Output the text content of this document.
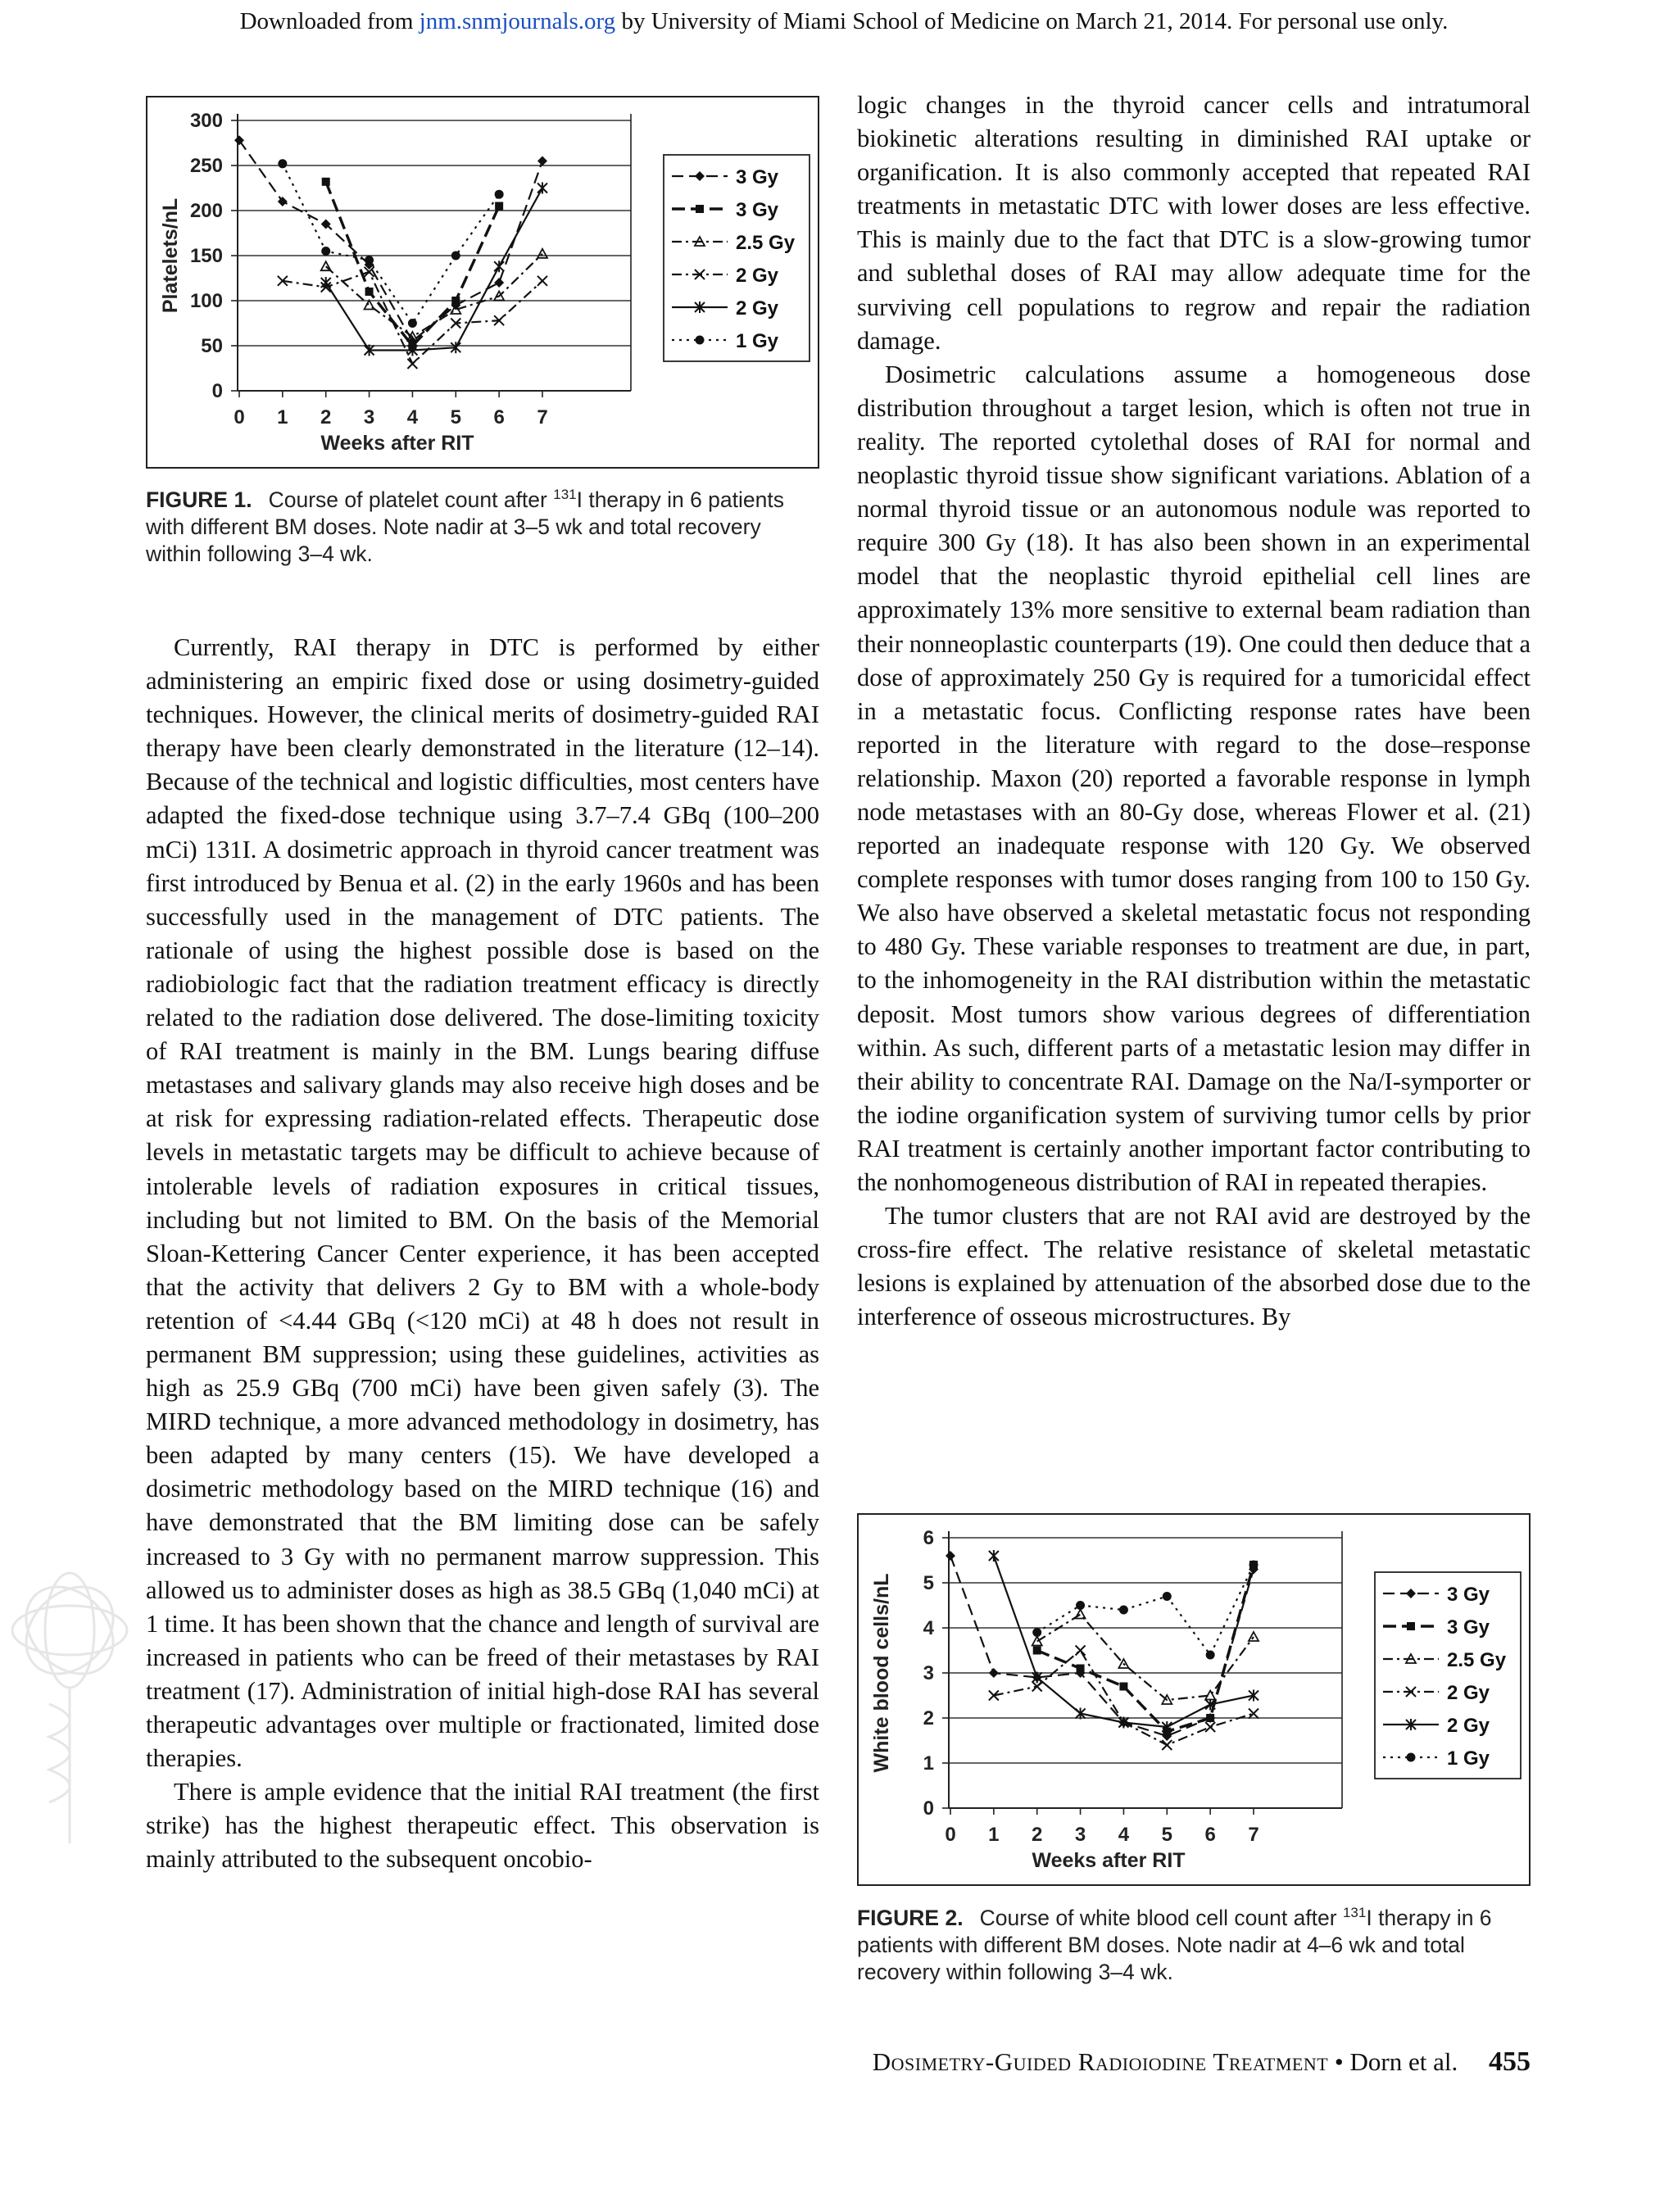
Downloaded from jnm.snmjournals.org by University of Miami School of Medicine on March 21, 2014. For personal use only.
0
50
100
150
200
250
300
0 1 2 3 4 5 6 7
Weeks after RIT
Platelets/nL
3 Gy
3 Gy
2.5 Gy
2 Gy
2 Gy
1 Gy
FIGURE 1. Course of platelet count after $^{131}$I therapy in 6 patients with different BM doses. Note nadir at 3–5 wk and total recovery within following 3–4 wk.

Currently, RAI therapy in DTC is performed by either administering an empiric fixed dose or using dosimetry-guided techniques. However, the clinical merits of dosimetry-guided RAI therapy have been clearly demonstrated in the literature (12–14). Because of the technical and logistic difficulties, most centers have adapted the fixed-dose technique using 3.7–7.4 GBq (100–200 mCi) 131I. A dosimetric approach in thyroid cancer treatment was first introduced by Benua et al. (2) in the early 1960s and has been successfully used in the management of DTC patients. The rationale of using the highest possible dose is based on the radiobiologic fact that the radiation treatment efficacy is directly related to the radiation dose delivered. The dose-limiting toxicity of RAI treatment is mainly in the BM. Lungs bearing diffuse metastases and salivary glands may also receive high doses and be at risk for expressing radiation-related effects. Therapeutic dose levels in metastatic targets may be difficult to achieve because of intolerable levels of radiation exposures in critical tissues, including but not limited to BM. On the basis of the Memorial Sloan-Kettering Cancer Center experience, it has been accepted that the activity that delivers 2 Gy to BM with a whole-body retention of <4.44 GBq (<120 mCi) at 48 h does not result in permanent BM suppression; using these guidelines, activities as high as 25.9 GBq (700 mCi) have been given safely (3). The MIRD technique, a more advanced methodology in dosimetry, has been adapted by many centers (15). We have developed a dosimetric methodology based on the MIRD technique (16) and have demonstrated that the BM limiting dose can be safely increased to 3 Gy with no permanent marrow suppression. This allowed us to administer doses as high as 38.5 GBq (1,040 mCi) at 1 time. It has been shown that the chance and length of survival are increased in patients who can be freed of their metastases by RAI treatment (17). Administration of initial high-dose RAI has several therapeutic advantages over multiple or fractionated, limited dose therapies.

There is ample evidence that the initial RAI treatment (the first strike) has the highest therapeutic effect. This observation is mainly attributed to the subsequent oncobio-

logic changes in the thyroid cancer cells and intratumoral biokinetic alterations resulting in diminished RAI uptake or organification. It is also commonly accepted that repeated RAI treatments in metastatic DTC with lower doses are less effective. This is mainly due to the fact that DTC is a slow-growing tumor and sublethal doses of RAI may allow adequate time for the surviving cell populations to regrow and repair the radiation damage.

Dosimetric calculations assume a homogeneous dose distribution throughout a target lesion, which is often not true in reality. The reported cytolethal doses of RAI for normal and neoplastic thyroid tissue show significant variations. Ablation of a normal thyroid tissue or an autonomous nodule was reported to require 300 Gy (18). It has also been shown in an experimental model that the neoplastic thyroid epithelial cell lines are approximately 13% more sensitive to external beam radiation than their nonneoplastic counterparts (19). One could then deduce that a dose of approximately 250 Gy is required for a tumoricidal effect in a metastatic focus. Conflicting response rates have been reported in the literature with regard to the dose–response relationship. Maxon (20) reported a favorable response in lymph node metastases with an 80-Gy dose, whereas Flower et al. (21) reported an inadequate response with 120 Gy. We observed complete responses with tumor doses ranging from 100 to 150 Gy. We also have observed a skeletal metastatic focus not responding to 480 Gy. These variable responses to treatment are due, in part, to the inhomogeneity in the RAI distribution within the metastatic deposit. Most tumors show various degrees of differentiation within. As such, different parts of a metastatic lesion may differ in their ability to concentrate RAI. Damage on the Na/I-symporter or the iodine organification system of surviving tumor cells by prior RAI treatment is certainly another important factor contributing to the nonhomogeneous distribution of RAI in repeated therapies.

The tumor clusters that are not RAI avid are destroyed by the cross-fire effect. The relative resistance of skeletal metastatic lesions is explained by attenuation of the absorbed dose due to the interference of osseous microstructures. By

0
1
2
3
4
5
6
0 1 2 3 4 5 6 7
Weeks after RIT
White blood cells/nL	3 Gy
3 Gy
2.5 Gy
2 Gy
2 Gy
1 Gy
FIGURE 2. Course of white blood cell count after $^{131}$I therapy in 6 patients with different BM doses. Note nadir at 4–6 wk and total recovery within following 3–4 wk.
Dosimetry-Guided Radioiodine Treatment • Dorn et al. 455
